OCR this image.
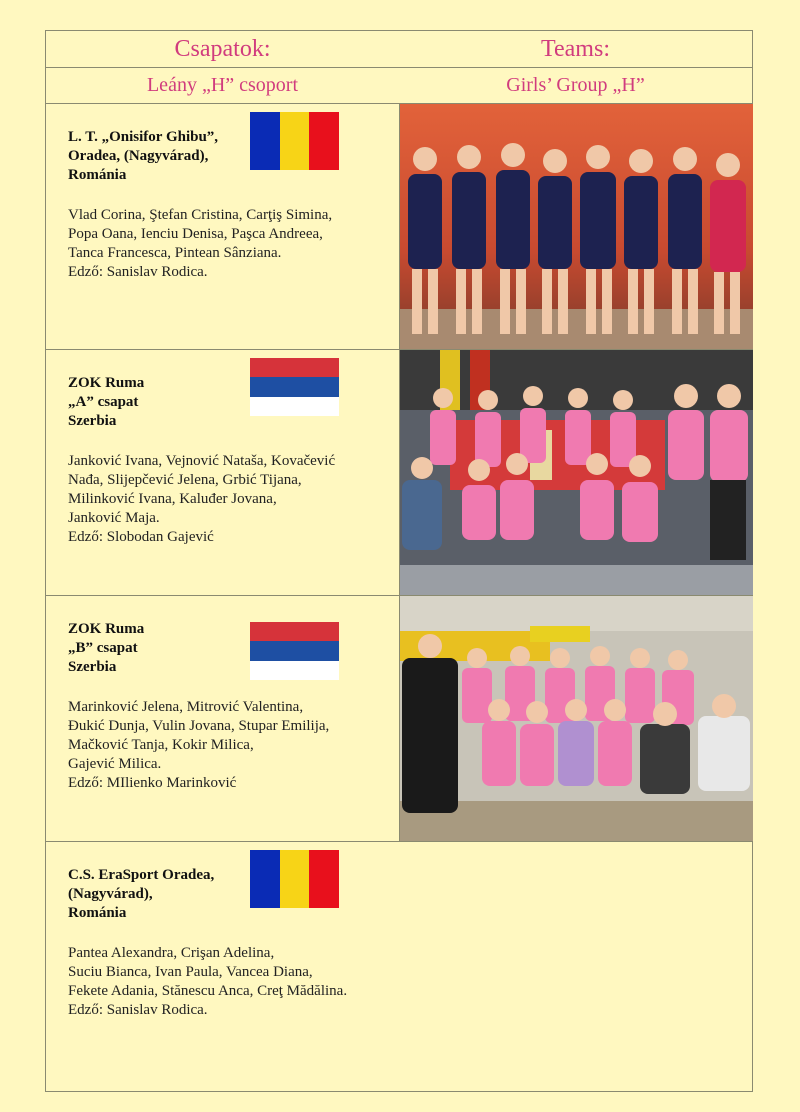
Csapatok:	Teams:
Leány „H” csoport	Girls’ Group „H”
L. T. „Onisifor Ghibu”,
Oradea, (Nagyvárad),
Románia
Vlad Corina, Ştefan Cristina, Carţiş Simina,
Popa Oana, Ienciu Denisa, Paşca Andreea,
Tanca Francesca, Pintean Sânziana.
Edző: Sanislav Rodica.
ZOK Ruma
„A” csapat
Szerbia
Janković Ivana, Vejnović Nataša, Kovačević
Nađa, Slijepčević Jelena, Grbić Tijana,
Milinković Ivana, Kaluđer Jovana,
Janković Maja.
Edző: Slobodan Gajević
ZOK Ruma
„B” csapat
Szerbia
Marinković Jelena, Mitrović Valentina,
Đukić Dunja, Vulin Jovana, Stupar Emilija,
Mačković Tanja, Kokir Milica,
Gajević Milica.
Edző: MIlienko Marinković
C.S. EraSport Oradea,
(Nagyvárad),
Románia
Pantea Alexandra, Crişan Adelina,
Suciu Bianca, Ivan Paula, Vancea Diana,
Fekete Adania, Stănescu Anca, Creţ Mădălina.
Edző: Sanislav Rodica.
